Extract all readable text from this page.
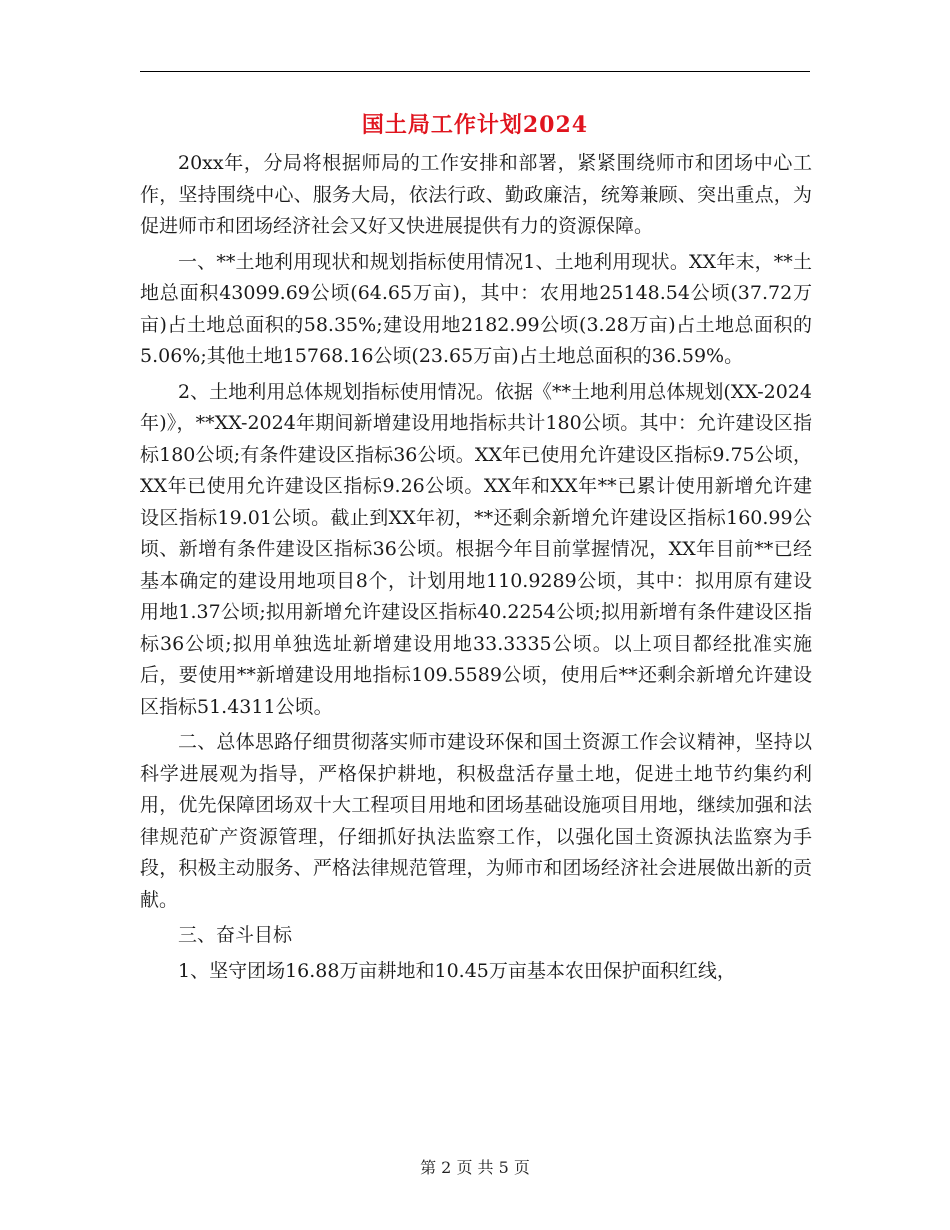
国土局工作计划2024

20xx年，分局将根据师局的工作安排和部署，紧紧围绕师市和团场中心工作，坚持围绕中心、服务大局，依法行政、勤政廉洁，统筹兼顾、突出重点，为促进师市和团场经济社会又好又快进展提供有力的资源保障。

一、**土地利用现状和规划指标使用情况1、土地利用现状。XX年末，**土地总面积43099.69公顷(64.65万亩)，其中：农用地25148.54公顷(37.72万亩)占土地总面积的58.35%;建设用地2182.99公顷(3.28万亩)占土地总面积的5.06%;其他土地15768.16公顷(23.65万亩)占土地总面积的36.59%。

2、土地利用总体规划指标使用情况。依据《**土地利用总体规划(XX-2024年)》，**XX-2024年期间新增建设用地指标共计180公顷。其中：允许建设区指标180公顷;有条件建设区指标36公顷。XX年已使用允许建设区指标9.75公顷，XX年已使用允许建设区指标9.26公顷。XX年和XX年**已累计使用新增允许建设区指标19.01公顷。截止到XX年初，**还剩余新增允许建设区指标160.99公顷、新增有条件建设区指标36公顷。根据今年目前掌握情况，XX年目前**已经基本确定的建设用地项目8个，计划用地110.9289公顷，其中：拟用原有建设用地1.37公顷;拟用新增允许建设区指标40.2254公顷;拟用新增有条件建设区指标36公顷;拟用单独选址新增建设用地33.3335公顷。以上项目都经批准实施后，要使用**新增建设用地指标109.5589公顷，使用后**还剩余新增允许建设区指标51.4311公顷。

二、总体思路仔细贯彻落实师市建设环保和国土资源工作会议精神，坚持以科学进展观为指导，严格保护耕地，积极盘活存量土地，促进土地节约集约利用，优先保障团场双十大工程项目用地和团场基础设施项目用地，继续加强和法律规范矿产资源管理，仔细抓好执法监察工作，以强化国土资源执法监察为手段，积极主动服务、严格法律规范管理，为师市和团场经济社会进展做出新的贡献。

三、奋斗目标

1、坚守团场16.88万亩耕地和10.45万亩基本农田保护面积红线，

第 2 页 共 5 页
